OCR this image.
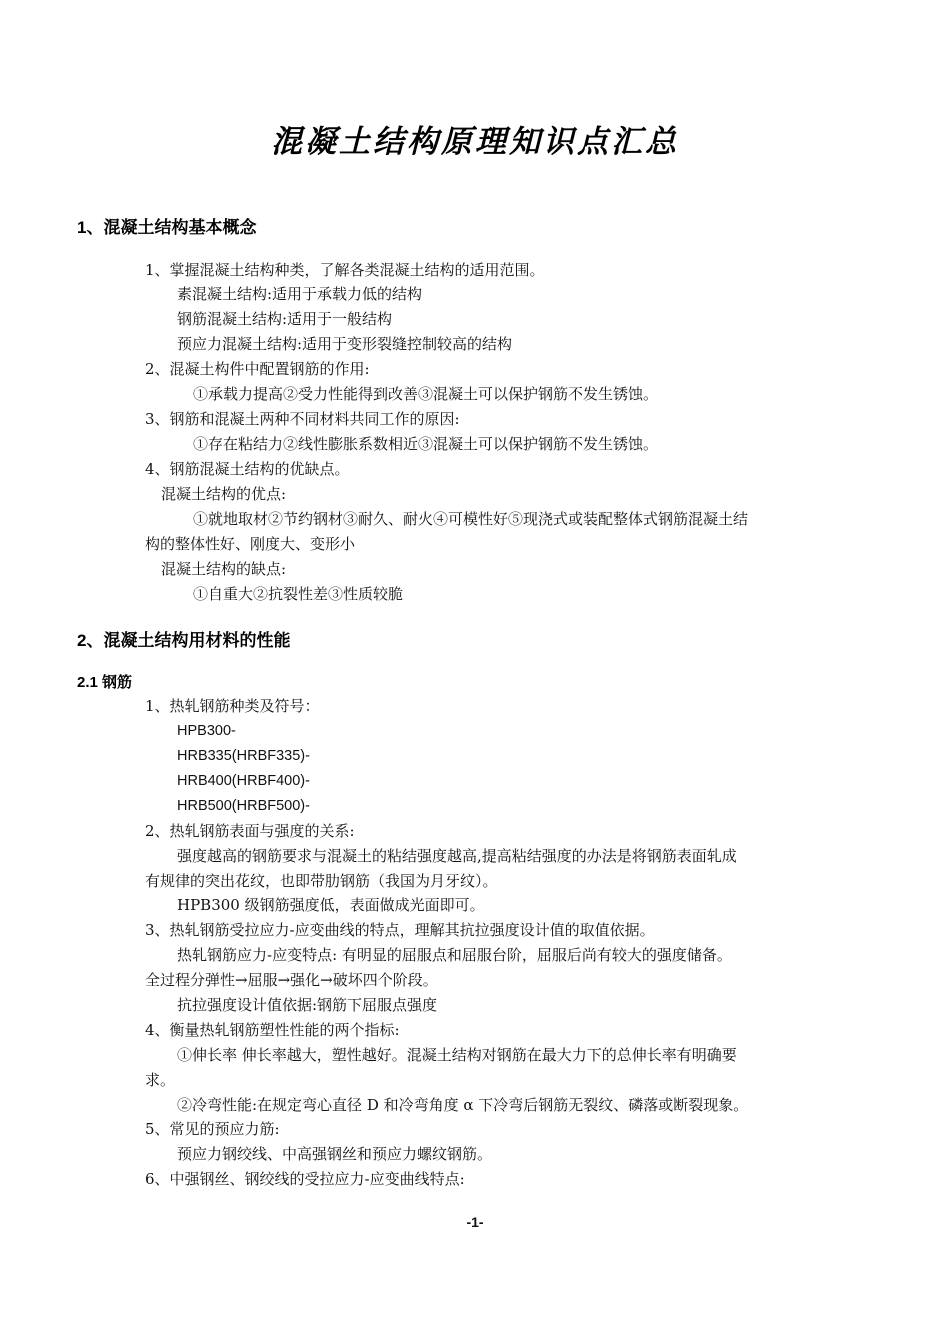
混凝土结构原理知识点汇总
1、混凝土结构基本概念
1、掌握混凝土结构种类，了解各类混凝土结构的适用范围。
素混凝土结构:适用于承载力低的结构
钢筋混凝土结构:适用于一般结构
预应力混凝土结构:适用于变形裂缝控制较高的结构
2、混凝土构件中配置钢筋的作用:
①承载力提高②受力性能得到改善③混凝土可以保护钢筋不发生锈蚀。
3、钢筋和混凝土两种不同材料共同工作的原因:
①存在粘结力②线性膨胀系数相近③混凝土可以保护钢筋不发生锈蚀。
4、钢筋混凝土结构的优缺点。
混凝土结构的优点:
①就地取材②节约钢材③耐久、耐火④可模性好⑤现浇式或装配整体式钢筋混凝土结
构的整体性好、刚度大、变形小
混凝土结构的缺点:
①自重大②抗裂性差③性质较脆
2、混凝土结构用材料的性能
2.1 钢筋
1、热轧钢筋种类及符号：
HPB300-
HRB335(HRBF335)-
HRB400(HRBF400)-
HRB500(HRBF500)-
2、热轧钢筋表面与强度的关系:
强度越高的钢筋要求与混凝土的粘结强度越高,提高粘结强度的办法是将钢筋表面轧成
有规律的突出花纹，也即带肋钢筋（我国为月牙纹）。
HPB300 级钢筋强度低，表面做成光面即可。
3、热轧钢筋受拉应力-应变曲线的特点，理解其抗拉强度设计值的取值依据。
热轧钢筋应力-应变特点: 有明显的屈服点和屈服台阶，屈服后尚有较大的强度储备。
全过程分弹性→屈服→强化→破坏四个阶段。
抗拉强度设计值依据:钢筋下屈服点强度
4、衡量热轧钢筋塑性性能的两个指标:
①伸长率 伸长率越大，塑性越好。混凝土结构对钢筋在最大力下的总伸长率有明确要
求。
②冷弯性能:在规定弯心直径 D 和冷弯角度 α 下冷弯后钢筋无裂纹、磷落或断裂现象。
5、常见的预应力筋:
预应力钢绞线、中高强钢丝和预应力螺纹钢筋。
6、中强钢丝、钢绞线的受拉应力-应变曲线特点:
-1-
